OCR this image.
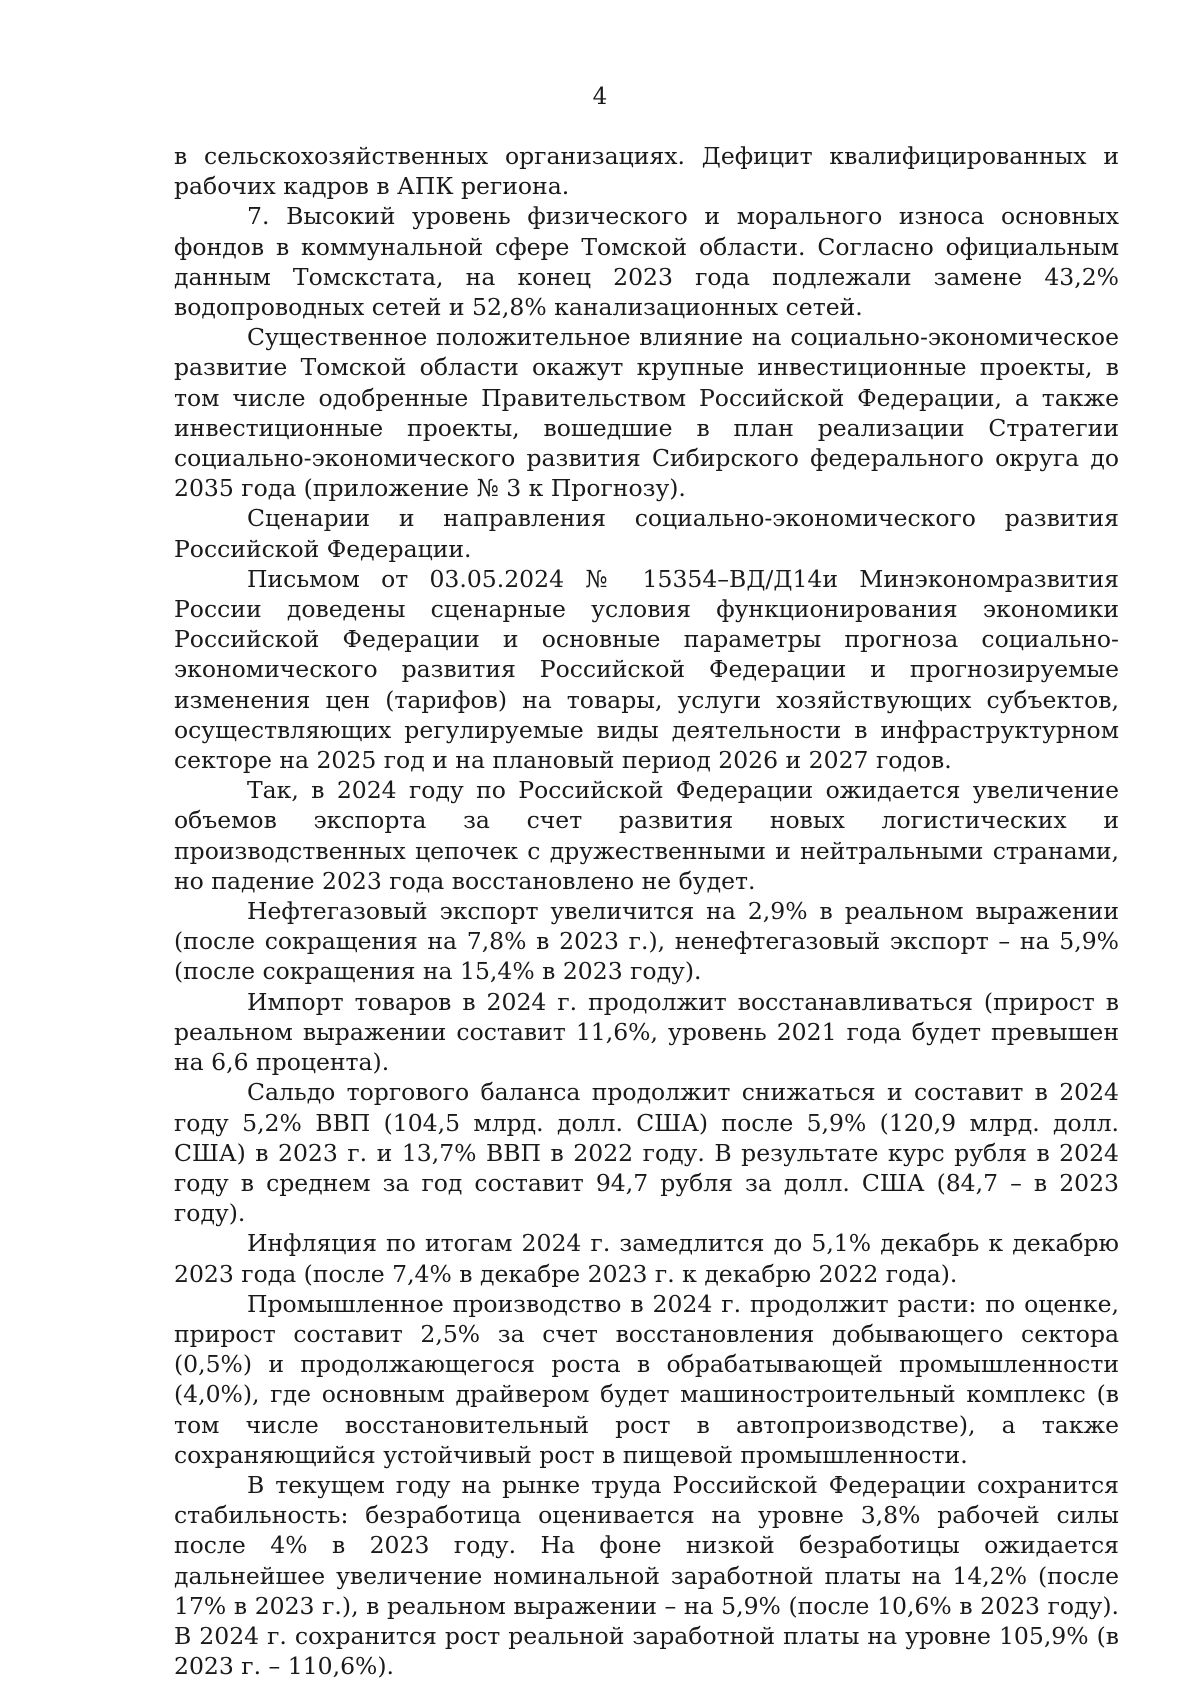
4

в сельскохозяйственных организациях. Дефицит квалифицированных и рабочих кадров в АПК региона.

7. Высокий уровень физического и морального износа основных фондов в коммунальной сфере Томской области. Согласно официальным данным Томскстата, на конец 2023 года подлежали замене 43,2% водопроводных сетей и 52,8% канализационных сетей.

Существенное положительное влияние на социально-экономическое развитие Томской области окажут крупные инвестиционные проекты, в том числе одобренные Правительством Российской Федерации, а также инвестиционные проекты, вошедшие в план реализации Стратегии социально-экономического развития Сибирского федерального округа до 2035 года (приложение № 3 к Прогнозу).

Сценарии и направления социально-экономического развития Российской Федерации.

Письмом от 03.05.2024 № 15354–ВД/Д14и Минэкономразвития России доведены сценарные условия функционирования экономики Российской Федерации и основные параметры прогноза социально-экономического развития Российской Федерации и прогнозируемые изменения цен (тарифов) на товары, услуги хозяйствующих субъектов, осуществляющих регулируемые виды деятельности в инфраструктурном секторе на 2025 год и на плановый период 2026 и 2027 годов.

Так, в 2024 году по Российской Федерации ожидается увеличение объемов экспорта за счет развития новых логистических и производственных цепочек с дружественными и нейтральными странами, но падение 2023 года восстановлено не будет.

Нефтегазовый экспорт увеличится на 2,9% в реальном выражении (после сокращения на 7,8% в 2023 г.), ненефтегазовый экспорт – на 5,9% (после сокращения на 15,4% в 2023 году).

Импорт товаров в 2024 г. продолжит восстанавливаться (прирост в реальном выражении составит 11,6%, уровень 2021 года будет превышен на 6,6 процента).

Сальдо торгового баланса продолжит снижаться и составит в 2024 году 5,2% ВВП (104,5 млрд. долл. США) после 5,9% (120,9 млрд. долл. США) в 2023 г. и 13,7% ВВП в 2022 году. В результате курс рубля в 2024 году в среднем за год составит 94,7 рубля за долл. США (84,7 – в 2023 году).

Инфляция по итогам 2024 г. замедлится до 5,1% декабрь к декабрю 2023 года (после 7,4% в декабре 2023 г. к декабрю 2022 года).

Промышленное производство в 2024 г. продолжит расти: по оценке, прирост составит 2,5% за счет восстановления добывающего сектора (0,5%) и продолжающегося роста в обрабатывающей промышленности (4,0%), где основным драйвером будет машиностроительный комплекс (в том числе восстановительный рост в автопроизводстве), а также сохраняющийся устойчивый рост в пищевой промышленности.

В текущем году на рынке труда Российской Федерации сохранится стабильность: безработица оценивается на уровне 3,8% рабочей силы после 4% в 2023 году. На фоне низкой безработицы ожидается дальнейшее увеличение номинальной заработной платы на 14,2% (после 17% в 2023 г.), в реальном выражении – на 5,9% (после 10,6% в 2023 году). В 2024 г. сохранится рост реальной заработной платы на уровне 105,9% (в 2023 г. – 110,6%).
